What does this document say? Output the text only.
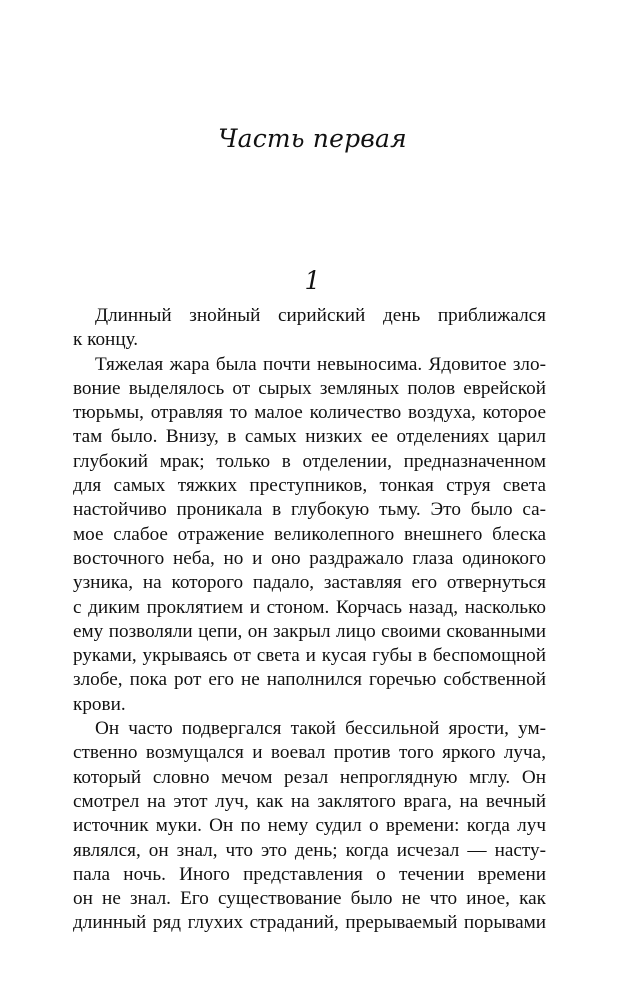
Часть первая
1
Длинный знойный сирийский день приближался
к концу.
Тяжелая жара была почти невыносима. Ядовитое зло-
воние выделялось от сырых земляных полов еврейской
тюрьмы, отравляя то малое количество воздуха, которое
там было. Внизу, в самых низких ее отделениях царил
глубокий мрак; только в отделении, предназначенном
для самых тяжких преступников, тонкая струя света
настойчиво проникала в глубокую тьму. Это было са-
мое слабое отражение великолепного внешнего блеска
восточного неба, но и оно раздражало глаза одинокого
узника, на которого падало, заставляя его отвернуться
с диким проклятием и стоном. Корчась назад, насколько
ему позволяли цепи, он закрыл лицо своими скованными
руками, укрываясь от света и кусая губы в беспомощной
злобе, пока рот его не наполнился горечью собственной
крови.
Он часто подвергался такой бессильной ярости, ум-
ственно возмущался и воевал против того яркого луча,
который словно мечом резал непроглядную мглу. Он
смотрел на этот луч, как на заклятого врага, на вечный
источник муки. Он по нему судил о времени: когда луч
являлся, он знал, что это день; когда исчезал — насту-
пала ночь. Иного представления о течении времени
он не знал. Его существование было не что иное, как
длинный ряд глухих страданий, прерываемый порывами
